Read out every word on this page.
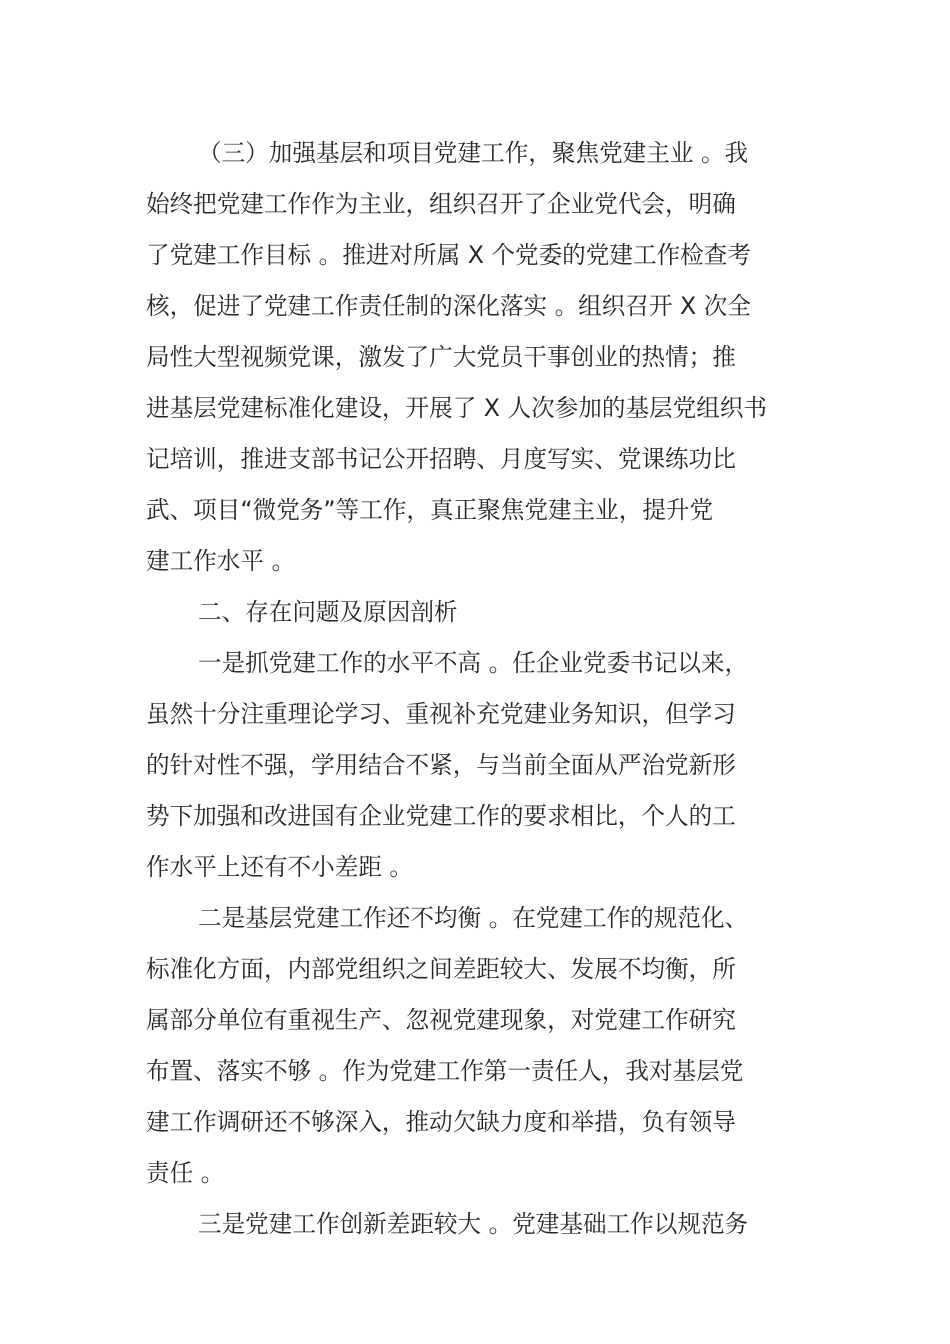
（三）加强基层和项目党建工作，聚焦党建主业 。我
始终把党建工作作为主业，组织召开了企业党代会，明确
了党建工作目标 。推进对所属 X 个党委的党建工作检查考
核，促进了党建工作责任制的深化落实 。组织召开 X 次全
局性大型视频党课，激发了广大党员干事创业的热情；推
进基层党建标准化建设，开展了 X 人次参加的基层党组织书
记培训，推进支部书记公开招聘、月度写实、党课练功比
武、项目“微党务”等工作，真正聚焦党建主业，提升党
建工作水平 。
二、存在问题及原因剖析
一是抓党建工作的水平不高 。任企业党委书记以来，
虽然十分注重理论学习、重视补充党建业务知识，但学习
的针对性不强，学用结合不紧，与当前全面从严治党新形
势下加强和改进国有企业党建工作的要求相比，个人的工
作水平上还有不小差距 。
二是基层党建工作还不均衡 。在党建工作的规范化、
标准化方面，内部党组织之间差距较大、发展不均衡，所
属部分单位有重视生产、忽视党建现象，对党建工作研究
布置、落实不够 。作为党建工作第一责任人，我对基层党
建工作调研还不够深入，推动欠缺力度和举措，负有领导
责任 。
三是党建工作创新差距较大 。党建基础工作以规范务
